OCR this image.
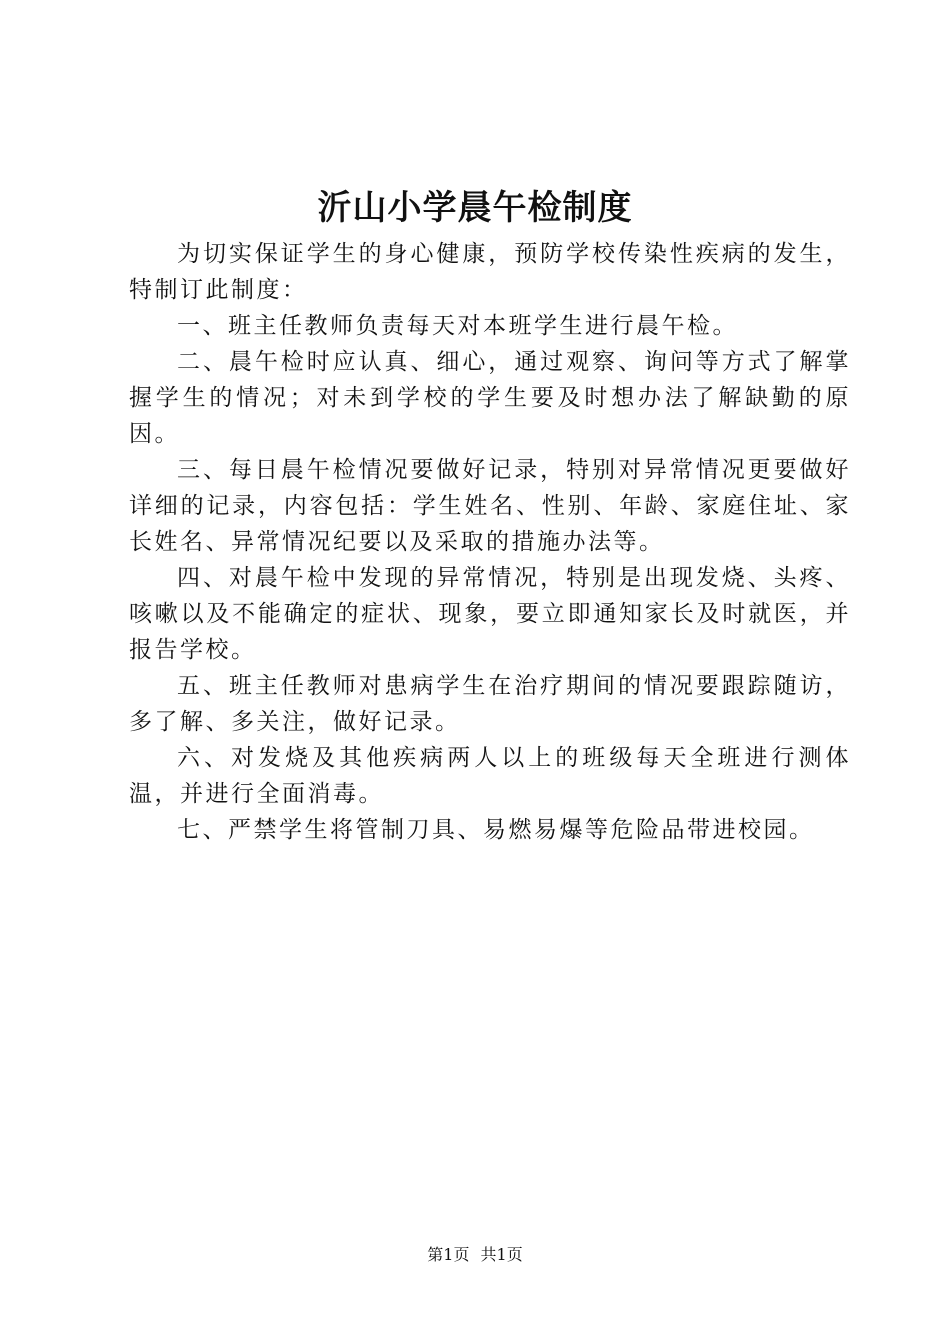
沂山小学晨午检制度

为切实保证学生的身心健康，预防学校传染性疾病的发生，特制订此制度：

一、班主任教师负责每天对本班学生进行晨午检。

二、晨午检时应认真、细心，通过观察、询问等方式了解掌握学生的情况；对未到学校的学生要及时想办法了解缺勤的原因。

三、每日晨午检情况要做好记录，特别对异常情况更要做好详细的记录，内容包括：学生姓名、性别、年龄、家庭住址、家长姓名、异常情况纪要以及采取的措施办法等。

四、对晨午检中发现的异常情况，特别是出现发烧、头疼、咳嗽以及不能确定的症状、现象，要立即通知家长及时就医，并报告学校。

五、班主任教师对患病学生在治疗期间的情况要跟踪随访，多了解、多关注，做好记录。

六、对发烧及其他疾病两人以上的班级每天全班进行测体温，并进行全面消毒。

七、严禁学生将管制刀具、易燃易爆等危险品带进校园。

第1页 共1页
